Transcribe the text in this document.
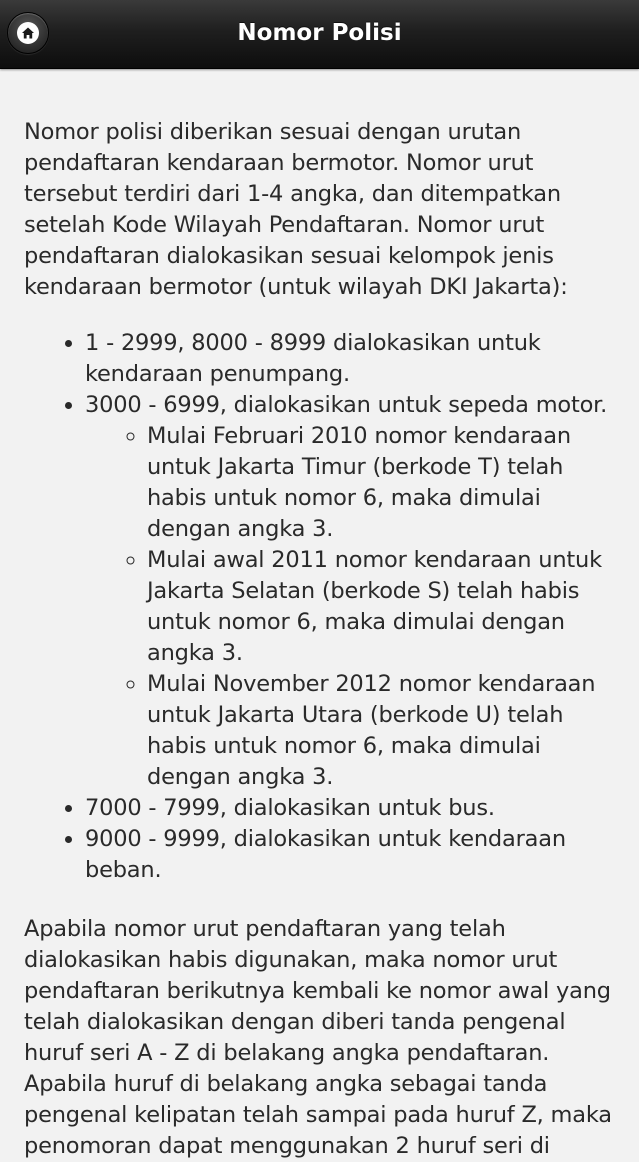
Nomor Polisi

Nomor polisi diberikan sesuai dengan urutan pendaftaran kendaraan bermotor. Nomor urut tersebut terdiri dari 1-4 angka, dan ditempatkan setelah Kode Wilayah Pendaftaran. Nomor urut pendaftaran dialokasikan sesuai kelompok jenis kendaraan bermotor (untuk wilayah DKI Jakarta):

• 1 - 2999, 8000 - 8999 dialokasikan untuk kendaraan penumpang.
• 3000 - 6999, dialokasikan untuk sepeda motor.
◦ Mulai Februari 2010 nomor kendaraan untuk Jakarta Timur (berkode T) telah habis untuk nomor 6, maka dimulai dengan angka 3.
◦ Mulai awal 2011 nomor kendaraan untuk Jakarta Selatan (berkode S) telah habis untuk nomor 6, maka dimulai dengan angka 3.
◦ Mulai November 2012 nomor kendaraan untuk Jakarta Utara (berkode U) telah habis untuk nomor 6, maka dimulai dengan angka 3.
• 7000 - 7999, dialokasikan untuk bus.
• 9000 - 9999, dialokasikan untuk kendaraan beban.

Apabila nomor urut pendaftaran yang telah dialokasikan habis digunakan, maka nomor urut pendaftaran berikutnya kembali ke nomor awal yang telah dialokasikan dengan diberi tanda pengenal huruf seri A - Z di belakang angka pendaftaran. Apabila huruf di belakang angka sebagai tanda pengenal kelipatan telah sampai pada huruf Z, maka penomoran dapat menggunakan 2 huruf seri di
